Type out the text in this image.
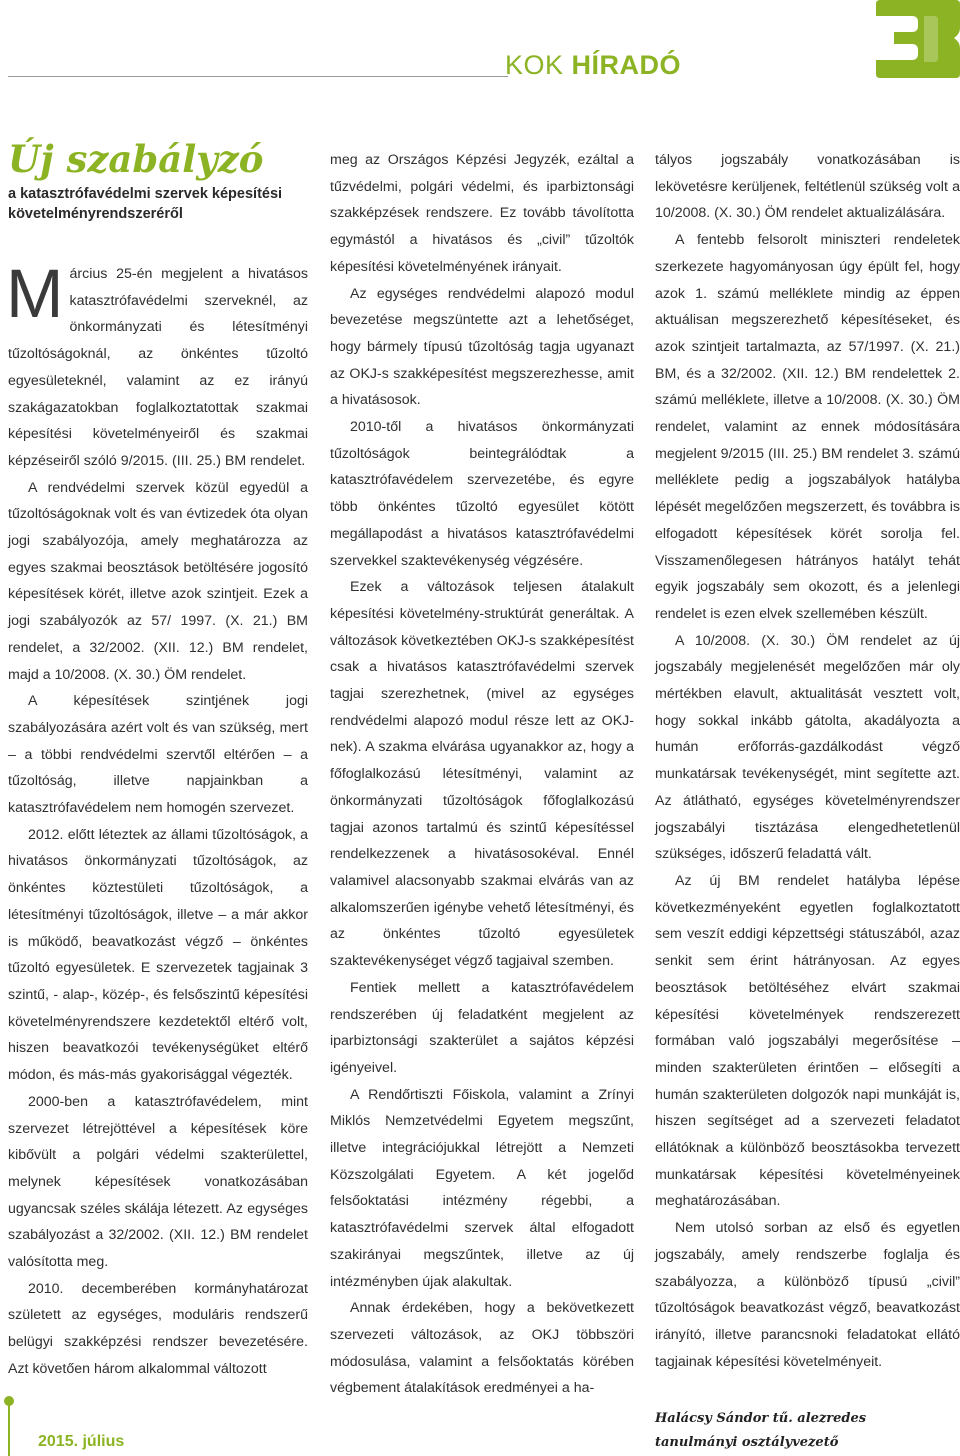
KOK HÍRADÓ
Új szabályzó
a katasztrófavédelmi szervek képesítési követelményrendszeréről

Március 25-én megjelent a hivatásos katasztrófavédelmi szerveknél, az önkormányzati és létesítményi tűzoltóságoknál, az önkéntes tűzoltó egyesületeknél, valamint az ez irányú szakágazatokban foglalkoztatottak szakmai képesítési követelményeiről és szakmai képzéseiről szóló 9/2015. (III. 25.) BM rendelet.

A rendvédelmi szervek közül egyedül a tűzoltóságoknak volt és van évtizedek óta olyan jogi szabályozója, amely meghatározza az egyes szakmai beosztások betöltésére jogosító képesítések körét, illetve azok szintjeit. Ezek a jogi szabályozók az 57/ 1997. (X. 21.) BM rendelet, a 32/2002. (XII. 12.) BM rendelet, majd a 10/2008. (X. 30.) ÖM rendelet.

A képesítések szintjének jogi szabályozására azért volt és van szükség, mert – a többi rendvédelmi szervtől eltérően – a tűzoltóság, illetve napjainkban a katasztrófavédelem nem homogén szervezet.

2012. előtt léteztek az állami tűzoltóságok, a hivatásos önkormányzati tűzoltóságok, az önkéntes köztestületi tűzoltóságok, a létesítményi tűzoltóságok, illetve – a már akkor is működő, beavatkozást végző – önkéntes tűzoltó egyesületek. E szervezetek tagjainak 3 szintű, - alap-, közép-, és felsőszintű képesítési követelményrendszere kezdetektől eltérő volt, hiszen beavatkozói tevékenységüket eltérő módon, és más-más gyakorisággal végezték.

2000-ben a katasztrófavédelem, mint szervezet létrejöttével a képesítések köre kibővült a polgári védelmi szakterülettel, melynek képesítések vonatkozásában ugyancsak széles skálája létezett. Az egységes szabályozást a 32/2002. (XII. 12.) BM rendelet valósította meg.

2010. decemberében kormányhatározat született az egységes, moduláris rendszerű belügyi szakképzési rendszer bevezetésére. Azt követően három alkalommal változott

meg az Országos Képzési Jegyzék, ezáltal a tűzvédelmi, polgári védelmi, és iparbiztonsági szakképzések rendszere. Ez tovább távolította egymástól a hivatásos és „civil” tűzoltók képesítési követelményének irányait.

Az egységes rendvédelmi alapozó modul bevezetése megszüntette azt a lehetőséget, hogy bármely típusú tűzoltóság tagja ugyanazt az OKJ-s szakképesítést megszerezhesse, amit a hivatásosok.

2010-től a hivatásos önkormányzati tűzoltóságok beintegrálódtak a katasztrófavédelem szervezetébe, és egyre több önkéntes tűzoltó egyesület kötött megállapodást a hivatásos katasztrófavédelmi szervekkel szaktevékenység végzésére.

Ezek a változások teljesen átalakult képesítési követelmény-struktúrát generáltak. A változások következtében OKJ-s szakképesítést csak a hivatásos katasztrófavédelmi szervek tagjai szerezhetnek, (mivel az egységes rendvédelmi alapozó modul része lett az OKJ-nek). A szakma elvárása ugyanakkor az, hogy a főfoglalkozású létesítményi, valamint az önkormányzati tűzoltóságok főfoglalkozású tagjai azonos tartalmú és szintű képesítéssel rendelkezzenek a hivatásosokéval. Ennél valamivel alacsonyabb szakmai elvárás van az alkalomszerűen igénybe vehető létesítményi, és az önkéntes tűzoltó egyesületek szaktevékenységet végző tagjaival szemben.

Fentiek mellett a katasztrófavédelem rendszerében új feladatként megjelent az iparbiztonsági szakterület a sajátos képzési igényeivel.

A Rendőrtiszti Főiskola, valamint a Zrínyi Miklós Nemzetvédelmi Egyetem megszűnt, illetve integrációjukkal létrejött a Nemzeti Közszolgálati Egyetem. A két jogelőd felsőoktatási intézmény régebbi, a katasztrófavédelmi szervek által elfogadott szakirányai megszűntek, illetve az új intézményben újak alakultak.

Annak érdekében, hogy a bekövetkezett szervezeti változások, az OKJ többszöri módosulása, valamint a felsőoktatás körében végbement átalakítások eredményei a ha-

tályos jogszabály vonatkozásában is lekövetésre kerüljenek, feltétlenül szükség volt a 10/2008. (X. 30.) ÖM rendelet aktualizálására.

A fentebb felsorolt miniszteri rendeletek szerkezete hagyományosan úgy épült fel, hogy azok 1. számú melléklete mindig az éppen aktuálisan megszerezhető képesítéseket, és azok szintjeit tartalmazta, az 57/1997. (X. 21.) BM, és a 32/2002. (XII. 12.) BM rendelettek 2. számú melléklete, illetve a 10/2008. (X. 30.) ÖM rendelet, valamint az ennek módosítására megjelent 9/2015 (III. 25.) BM rendelet 3. számú melléklete pedig a jogszabályok hatályba lépését megelőzően megszerzett, és továbbra is elfogadott képesítések körét sorolja fel. Visszamenőlegesen hátrányos hatályt tehát egyik jogszabály sem okozott, és a jelenlegi rendelet is ezen elvek szellemében készült.

A 10/2008. (X. 30.) ÖM rendelet az új jogszabály megjelenését megelőzően már oly mértékben elavult, aktualitását vesztett volt, hogy sokkal inkább gátolta, akadályozta a humán erőforrás-gazdálkodást végző munkatársak tevékenységét, mint segítette azt. Az átlátható, egységes követelményrendszer jogszabályi tisztázása elengedhetetlenül szükséges, időszerű feladattá vált.

Az új BM rendelet hatályba lépése következményeként egyetlen foglalkoztatott sem veszít eddigi képzettségi státuszából, azaz senkit sem érint hátrányosan. Az egyes beosztások betöltéséhez elvárt szakmai képesítési követelmények rendszerezett formában való jogszabályi megerősítése – minden szakterületen érintően – elősegíti a humán szakterületen dolgozók napi munkáját is, hiszen segítséget ad a szervezeti feladatot ellátóknak a különböző beosztásokba tervezett munkatársak képesítési követelményeinek meghatározásában.

Nem utolsó sorban az első és egyetlen jogszabály, amely rendszerbe foglalja és szabályozza, a különböző típusú „civil” tűzoltóságok beavatkozást végző, beavatkozást irányító, illetve parancsnoki feladatokat ellátó tagjainak képesítési követelményeit.

Halácsy Sándor tű. alezredes
tanulmányi osztályvezető
2015. július
